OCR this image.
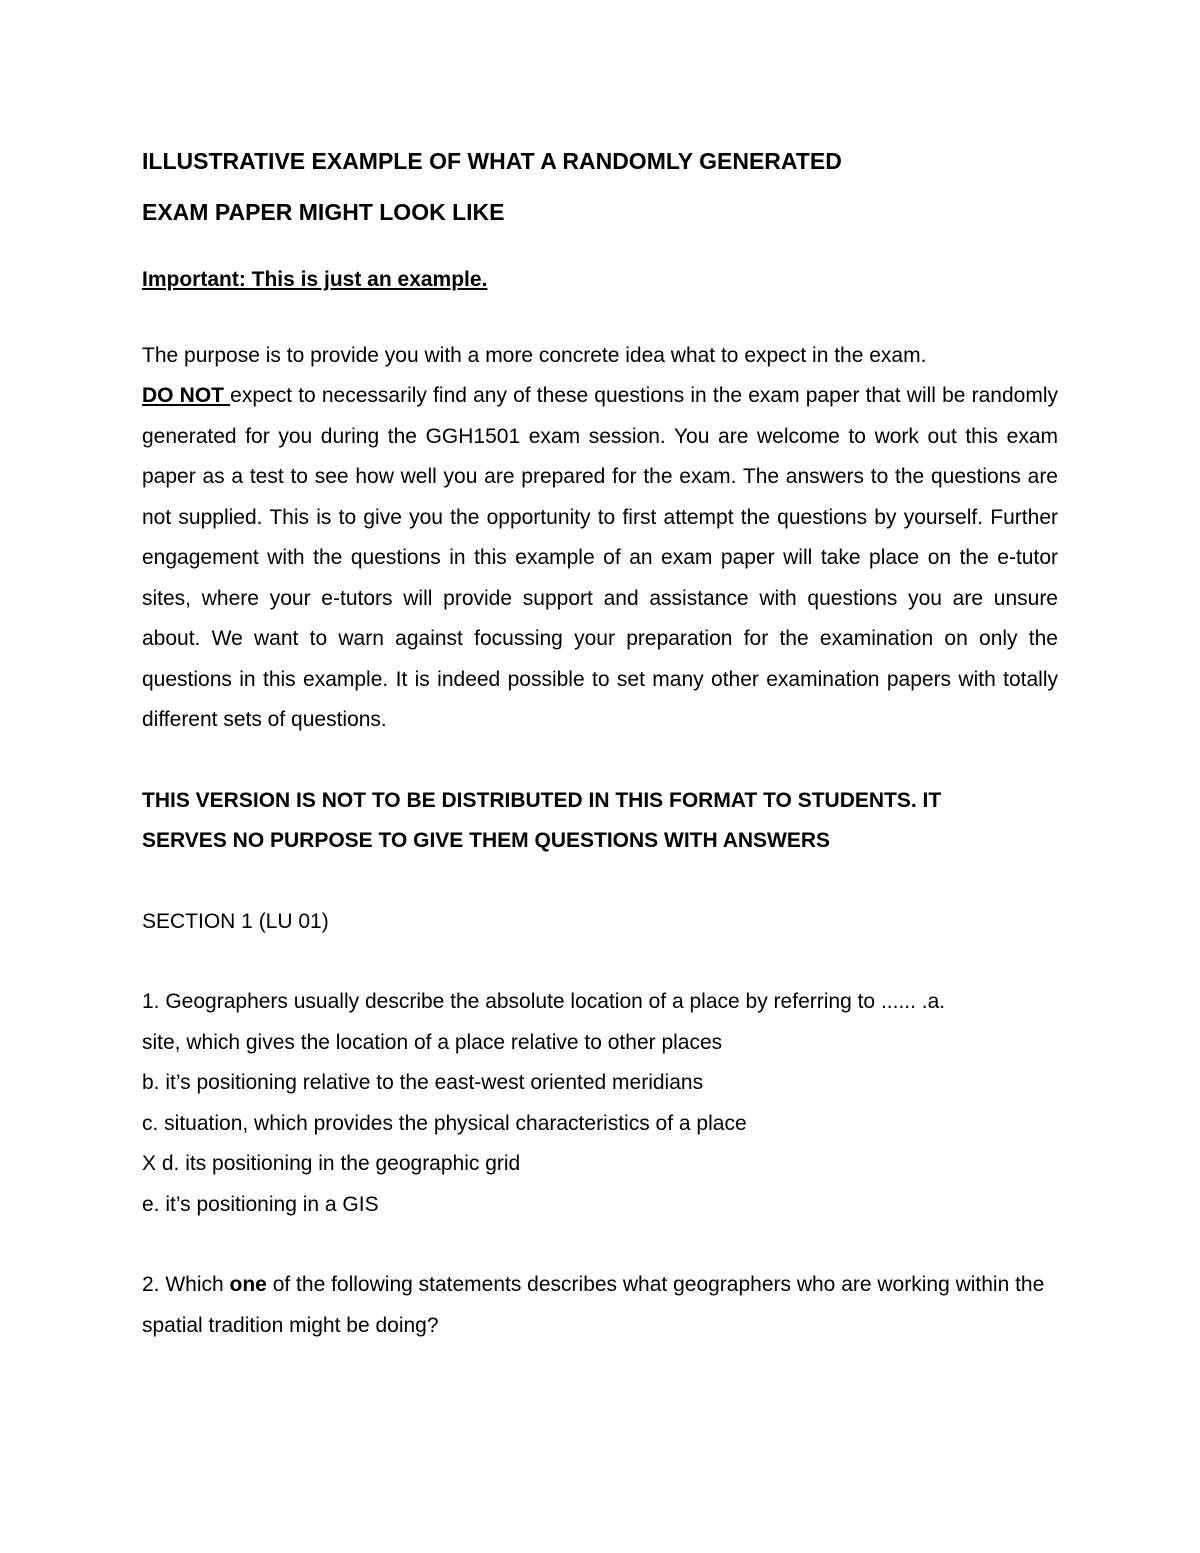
ILLUSTRATIVE EXAMPLE OF WHAT A RANDOMLY GENERATED
EXAM PAPER MIGHT LOOK LIKE
Important: This is just an example.
The purpose is to provide you with a more concrete idea what to expect in the exam.
DO NOT expect to necessarily find any of these questions in the exam paper that will be randomly generated for you during the GGH1501 exam session. You are welcome to work out this exam paper as a test to see how well you are prepared for the exam. The answers to the questions are not supplied. This is to give you the opportunity to first attempt the questions by yourself. Further engagement with the questions in this example of an exam paper will take place on the e-tutor sites, where your e-tutors will provide support and assistance with questions you are unsure about. We want to warn against focussing your preparation for the examination on only the questions in this example. It is indeed possible to set many other examination papers with totally different sets of questions.
THIS VERSION IS NOT TO BE DISTRIBUTED IN THIS FORMAT TO STUDENTS. IT
SERVES NO PURPOSE TO GIVE THEM QUESTIONS WITH ANSWERS
SECTION 1 (LU 01)
1. Geographers usually describe the absolute location of a place by referring to ...... .a.
site, which gives the location of a place relative to other places
b. it’s positioning relative to the east-west oriented meridians
c. situation, which provides the physical characteristics of a place
X d. its positioning in the geographic grid
e. it’s positioning in a GIS
2. Which one of the following statements describes what geographers who are working within the spatial tradition might be doing?
